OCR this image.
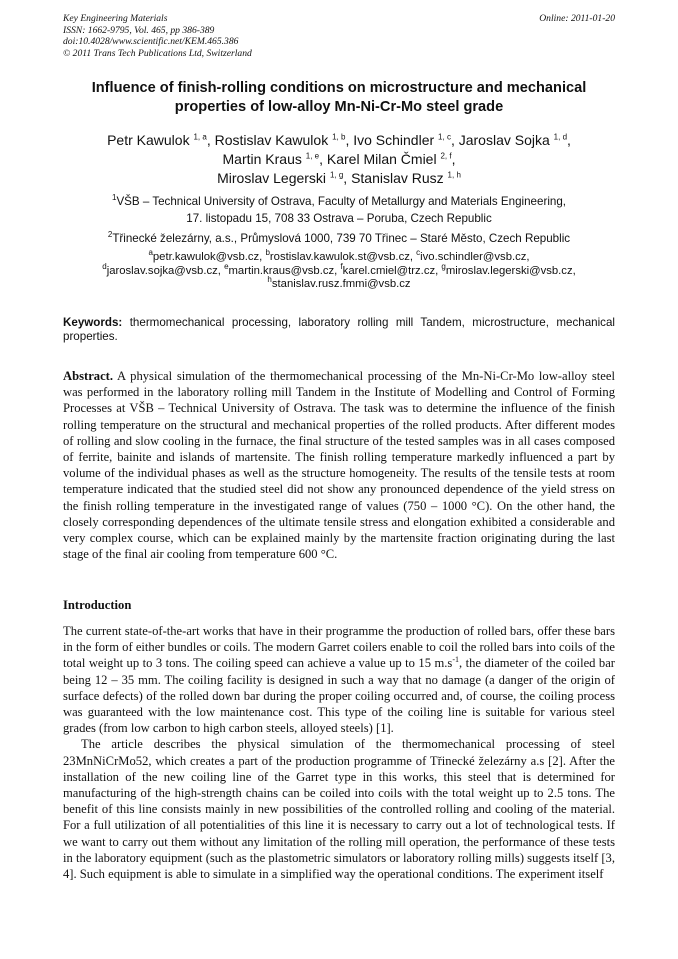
Key Engineering Materials
ISSN: 1662-9795, Vol. 465, pp 386-389
doi:10.4028/www.scientific.net/KEM.465.386
© 2011 Trans Tech Publications Ltd, Switzerland
Online: 2011-01-20
Influence of finish-rolling conditions on microstructure and mechanical
properties of low-alloy Mn-Ni-Cr-Mo steel grade
Petr Kawulok $^{1, a}$, Rostislav Kawulok $^{1, b}$, Ivo Schindler $^{1, c}$, Jaroslav Sojka $^{1, d}$,
Martin Kraus $^{1, e}$, Karel Milan Čmiel $^{2, f}$,
Miroslav Legerski $^{1, g}$, Stanislav Rusz $^{1, h}$
$^1$VŠB – Technical University of Ostrava, Faculty of Metallurgy and Materials Engineering,
17. listopadu 15, 708 33 Ostrava – Poruba, Czech Republic
$^2$Třinecké železárny, a.s., Průmyslová 1000, 739 70 Třinec – Staré Město, Czech Republic
$^a$petr.kawulok@vsb.cz, $^b$rostislav.kawulok.st@vsb.cz, $^c$ivo.schindler@vsb.cz,
$^d$jaroslav.sojka@vsb.cz, $^e$martin.kraus@vsb.cz, $^f$karel.cmiel@trz.cz, $^g$miroslav.legerski@vsb.cz,
$^h$stanislav.rusz.fmmi@vsb.cz
Keywords: thermomechanical processing, laboratory rolling mill Tandem, microstructure, mechanical properties.

Abstract. A physical simulation of the thermomechanical processing of the Mn-Ni-Cr-Mo low-alloy steel was performed in the laboratory rolling mill Tandem in the Institute of Modelling and Control of Forming Processes at VŠB – Technical University of Ostrava. The task was to determine the influence of the finish rolling temperature on the structural and mechanical properties of the rolled products. After different modes of rolling and slow cooling in the furnace, the final structure of the tested samples was in all cases composed of ferrite, bainite and islands of martensite. The finish rolling temperature markedly influenced a part by volume of the individual phases as well as the structure homogeneity. The results of the tensile tests at room temperature indicated that the studied steel did not show any pronounced dependence of the yield stress on the finish rolling temperature in the investigated range of values (750 – 1000 °C). On the other hand, the closely corresponding dependences of the ultimate tensile stress and elongation exhibited a considerable and very complex course, which can be explained mainly by the martensite fraction originating during the last stage of the final air cooling from temperature 600 °C.

Introduction

The current state-of-the-art works that have in their programme the production of rolled bars, offer these bars in the form of either bundles or coils. The modern Garret coilers enable to coil the rolled bars into coils of the total weight up to 3 tons. The coiling speed can achieve a value up to 15 $m.s^{-1}$, the diameter of the coiled bar being 12 – 35 mm. The coiling facility is designed in such a way that no damage (a danger of the origin of surface defects) of the rolled down bar during the proper coiling occurred and, of course, the coiling process was guaranteed with the low maintenance cost. This type of the coiling line is suitable for various steel grades (from low carbon to high carbon steels, alloyed steels) [1].

The article describes the physical simulation of the thermomechanical processing of steel 23MnNiCrMo52, which creates a part of the production programme of Třinecké železárny a.s [2]. After the installation of the new coiling line of the Garret type in this works, this steel that is determined for manufacturing of the high-strength chains can be coiled into coils with the total weight up to 2.5 tons. The benefit of this line consists mainly in new possibilities of the controlled rolling and cooling of the material. For a full utilization of all potentialities of this line it is necessary to carry out a lot of technological tests. If we want to carry out them without any limitation of the rolling mill operation, the performance of these tests in the laboratory equipment (such as the plastometric simulators or laboratory rolling mills) suggests itself [3, 4]. Such equipment is able to simulate in a simplified way the operational conditions. The experiment itself
